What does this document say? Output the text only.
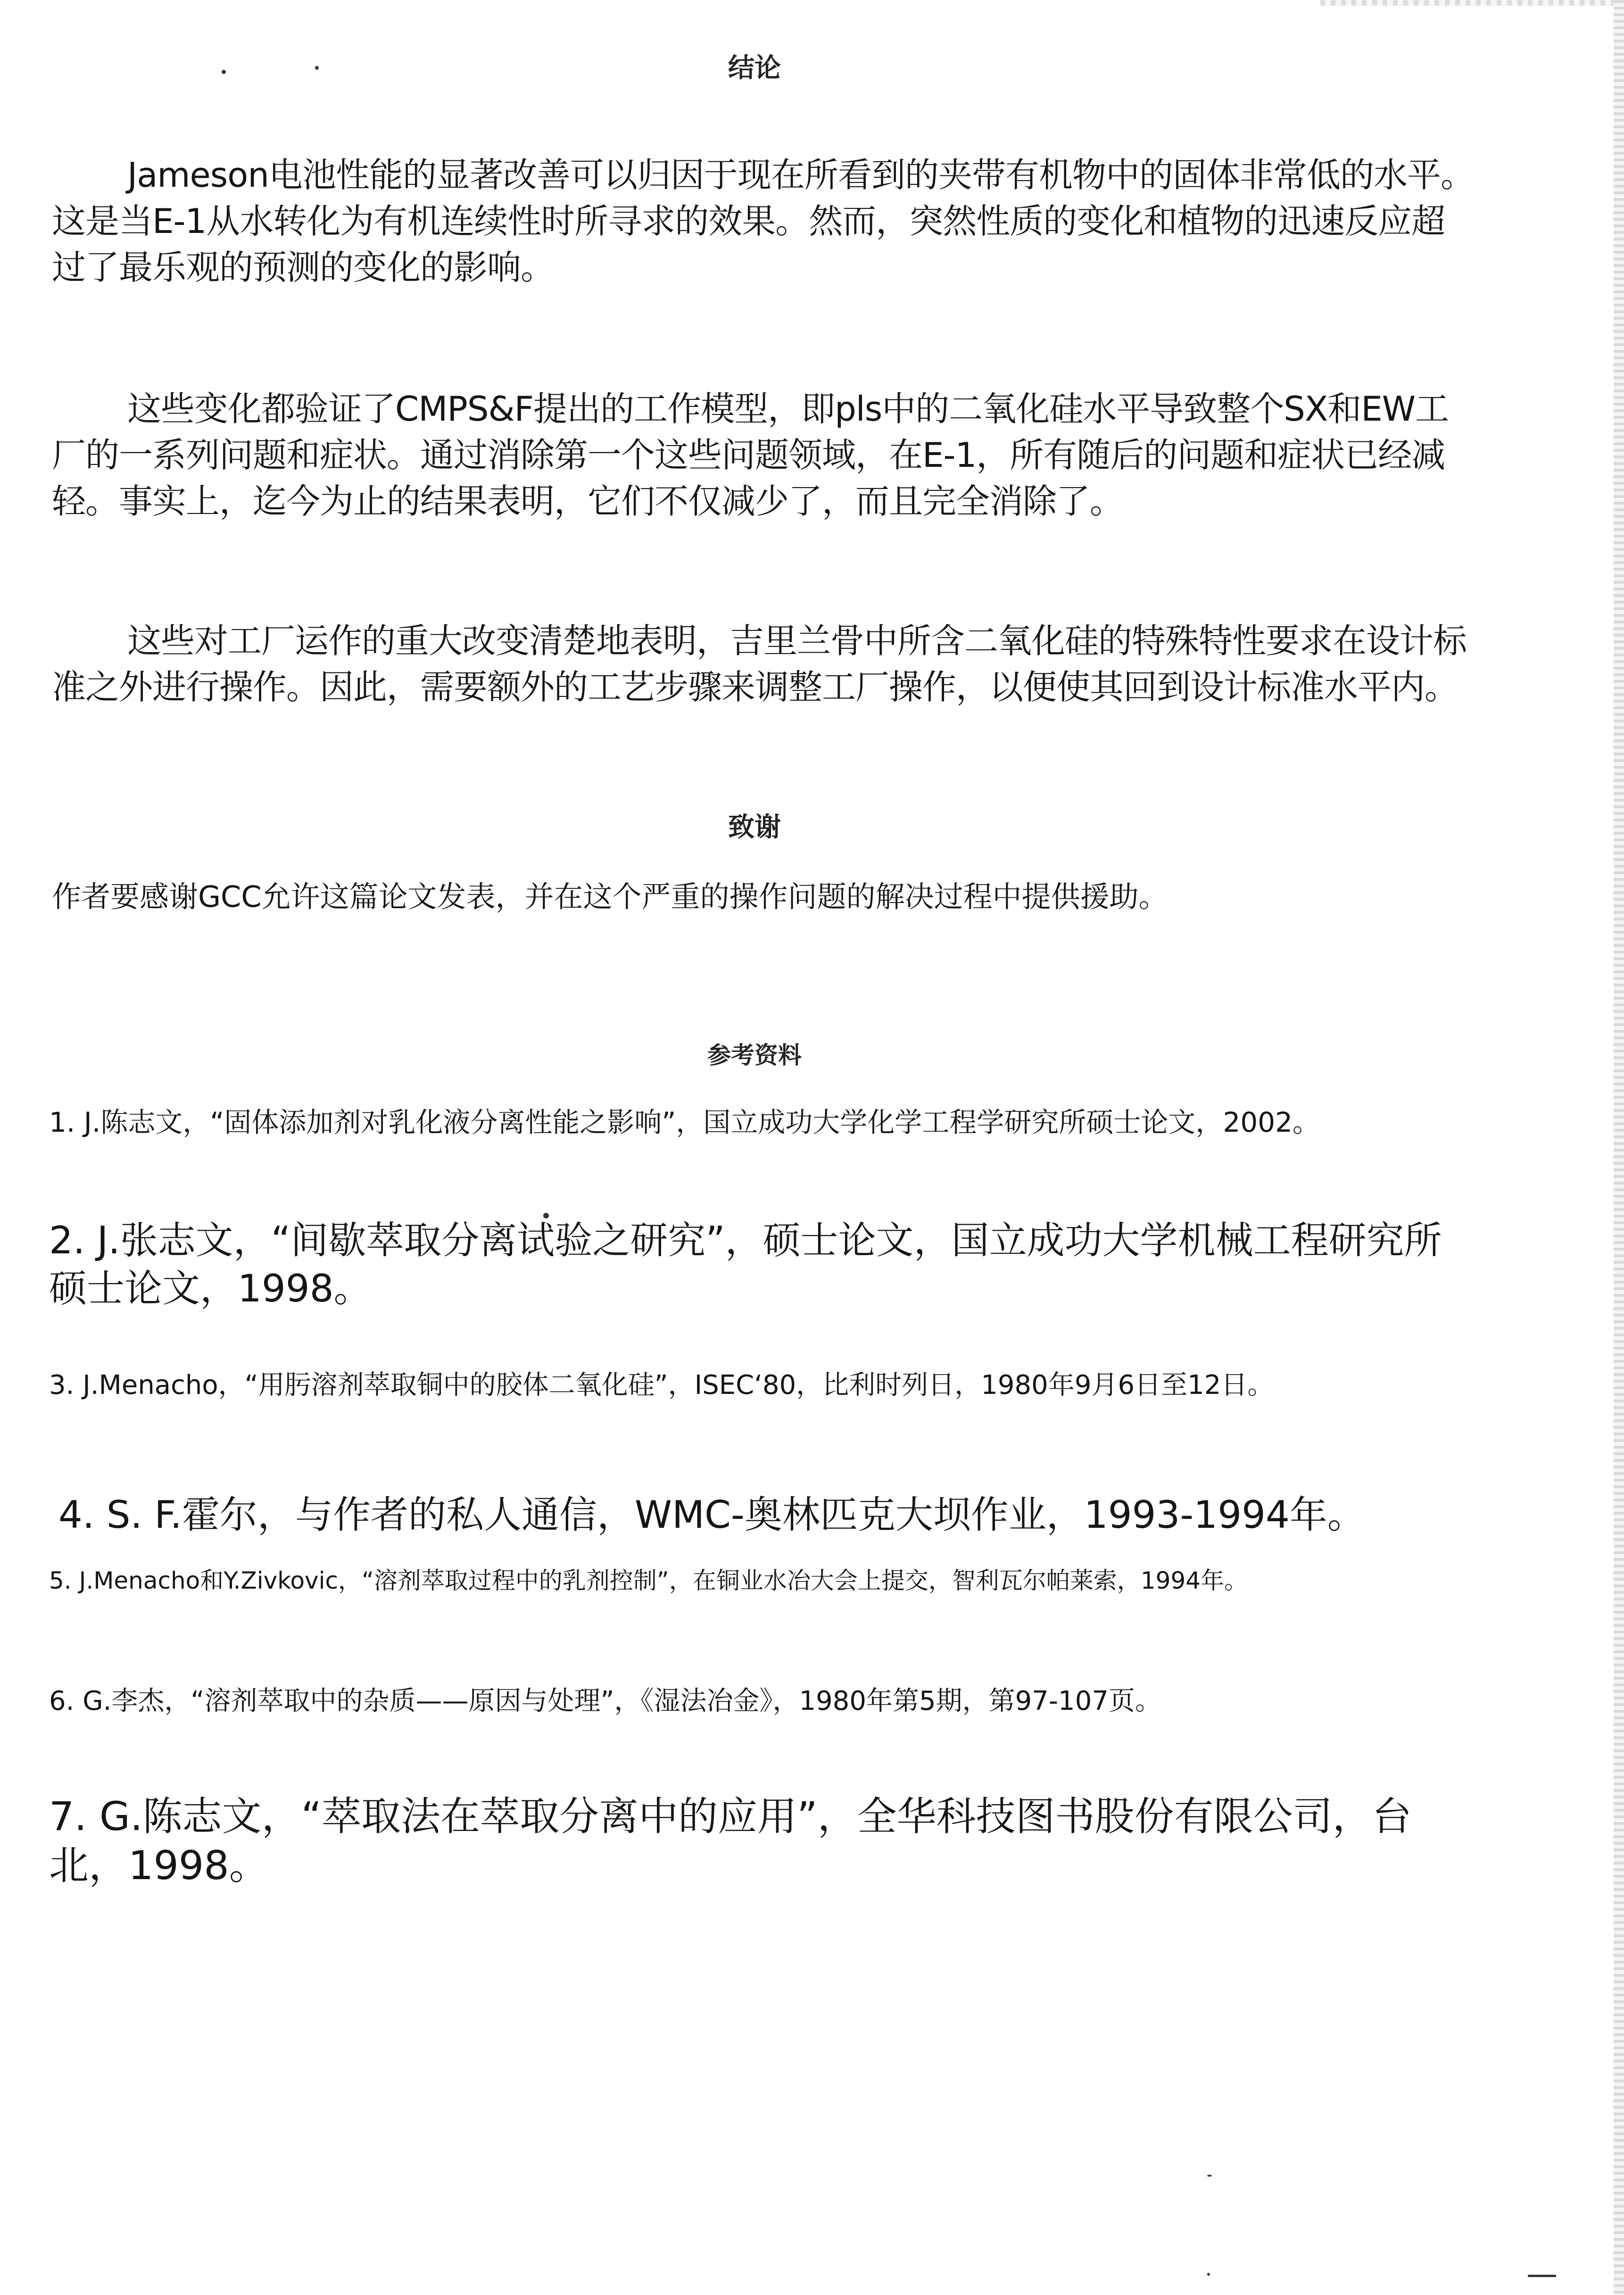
结论

Jameson电池性能的显著改善可以归因于现在所看到的夹带有机物中的固体非常低的水平。这是当E-1从水转化为有机连续性时所寻求的效果。然而，突然性质的变化和植物的迅速反应超过了最乐观的预测的变化的影响。

这些变化都验证了CMPS&F提出的工作模型，即pls中的二氧化硅水平导致整个SX和EW工厂的一系列问题和症状。通过消除第一个这些问题领域，在E-1，所有随后的问题和症状已经减轻。事实上，迄今为止的结果表明，它们不仅减少了，而且完全消除了。

这些对工厂运作的重大改变清楚地表明，吉里兰骨中所含二氧化硅的特殊特性要求在设计标准之外进行操作。因此，需要额外的工艺步骤来调整工厂操作，以便使其回到设计标准水平内。

致谢

作者要感谢GCC允许这篇论文发表，并在这个严重的操作问题的解决过程中提供援助。

参考资料

1. J.陈志文，“固体添加剂对乳化液分离性能之影响”，国立成功大学化学工程学研究所硕士论文，2002。

2. J.张志文，“间歇萃取分离试验之研究”，硕士论文，国立成功大学机械工程研究所硕士论文，1998。

3. J.Menacho，“用肟溶剂萃取铜中的胶体二氧化硅”，ISEC‘80，比利时列日，1980年9月6日至12日。

4. S. F.霍尔，与作者的私人通信，WMC-奥林匹克大坝作业，1993-1994年。

5. J.Menacho和Y.Zivkovic，“溶剂萃取过程中的乳剂控制”，在铜业水冶大会上提交，智利瓦尔帕莱索，1994年。

6. G.李杰，“溶剂萃取中的杂质——原因与处理”，《湿法冶金》，1980年第5期，第97-107页。

7. G.陈志文，“萃取法在萃取分离中的应用”，全华科技图书股份有限公司，台北，1998。
